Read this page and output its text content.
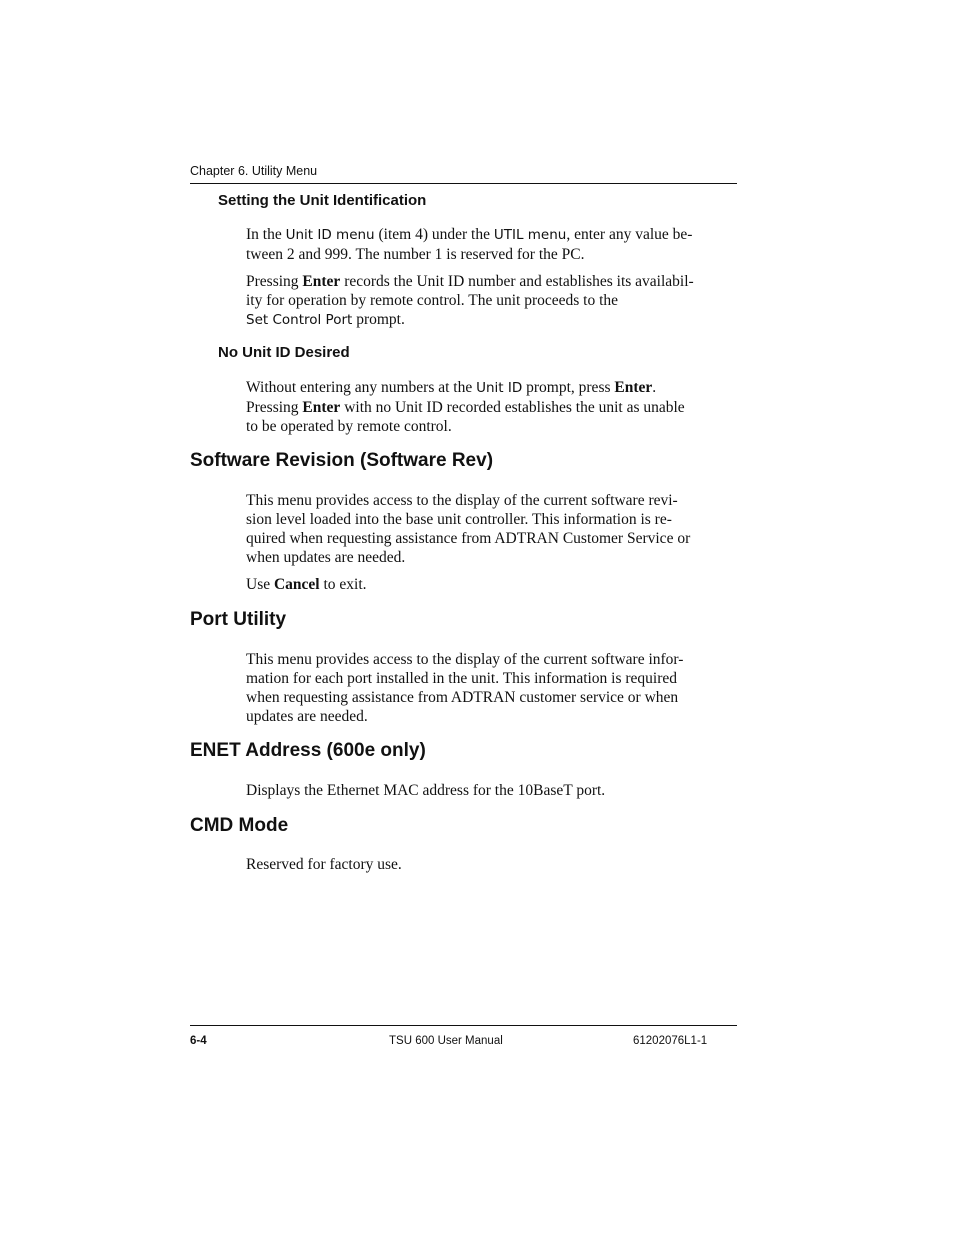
Chapter 6. Utility Menu
Setting the Unit Identification
In the Unit ID menu (item 4) under the UTIL menu, enter any value be-
tween 2 and 999. The number 1 is reserved for the PC.
Pressing Enter records the Unit ID number and establishes its availabil-
ity for operation by remote control. The unit proceeds to the
Set Control Port prompt.
No Unit ID Desired
Without entering any numbers at the Unit ID prompt, press Enter.
Pressing Enter with no Unit ID recorded establishes the unit as unable
to be operated by remote control.
Software Revision (Software Rev)
This menu provides access to the display of the current software revi-
sion level loaded into the base unit controller. This information is re-
quired when requesting assistance from ADTRAN Customer Service or
when updates are needed.
Use Cancel to exit.
Port Utility
This menu provides access to the display of the current software infor-
mation for each port installed in the unit. This information is required
when requesting assistance from ADTRAN customer service or when
updates are needed.
ENET Address (600e only)
Displays the Ethernet MAC address for the 10BaseT port.
CMD Mode
Reserved for factory use.
6-4	TSU 600 User Manual	61202076L1-1
